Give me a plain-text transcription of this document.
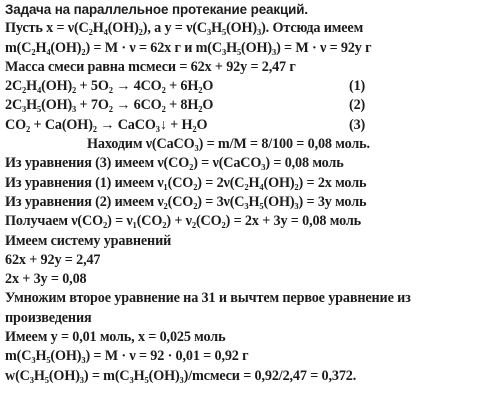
Задача на параллельное протекание реакций.
Пусть x = ν(C₂H₄(OH)₂), а y = ν(C₃H₅(OH)₃). Отсюда имеем
m(C₂H₄(OH)₂) = M · ν = 62x г и m(C₃H₅(OH)₃) = M · ν = 92y г
Масса смеси равна mсмеси = 62x + 92y = 2,47 г
2C₂H₄(OH)₂ + 5O₂ → 4CO₂ + 6H₂O	(1)
2C₃H₅(OH)₃ + 7O₂ → 6CO₂ + 8H₂O	(2)
CO₂ + Ca(OH)₂ → CaCO₃↓ + H₂O	(3)
Находим ν(CaCO₃) = m/M = 8/100 = 0,08 моль.
Из уравнения (3) имеем ν(CO₂) = ν(CaCO₃) = 0,08 моль
Из уравнения (1) имеем ν₁(CO₂) = 2ν(C₂H₄(OH)₂) = 2x моль
Из уравнения (2) имеем ν₂(CO₂) = 3ν(C₃H₅(OH)₃) = 3y моль
Получаем ν(CO₂) = ν₁(CO₂) + ν₂(CO₂) = 2x + 3y = 0,08 моль
Имеем систему уравнений
62x + 92y = 2,47
2x + 3y = 0,08
Умножим второе уравнение на 31 и вычтем первое уравнение из
произведения
Имеем y = 0,01 моль, x = 0,025 моль
m(C₃H₅(OH)₃) = M · ν = 92 · 0,01 = 0,92 г
w(C₃H₅(OH)₃) = m(C₃H₅(OH)₃)/mсмеси = 0,92/2,47 = 0,372.
